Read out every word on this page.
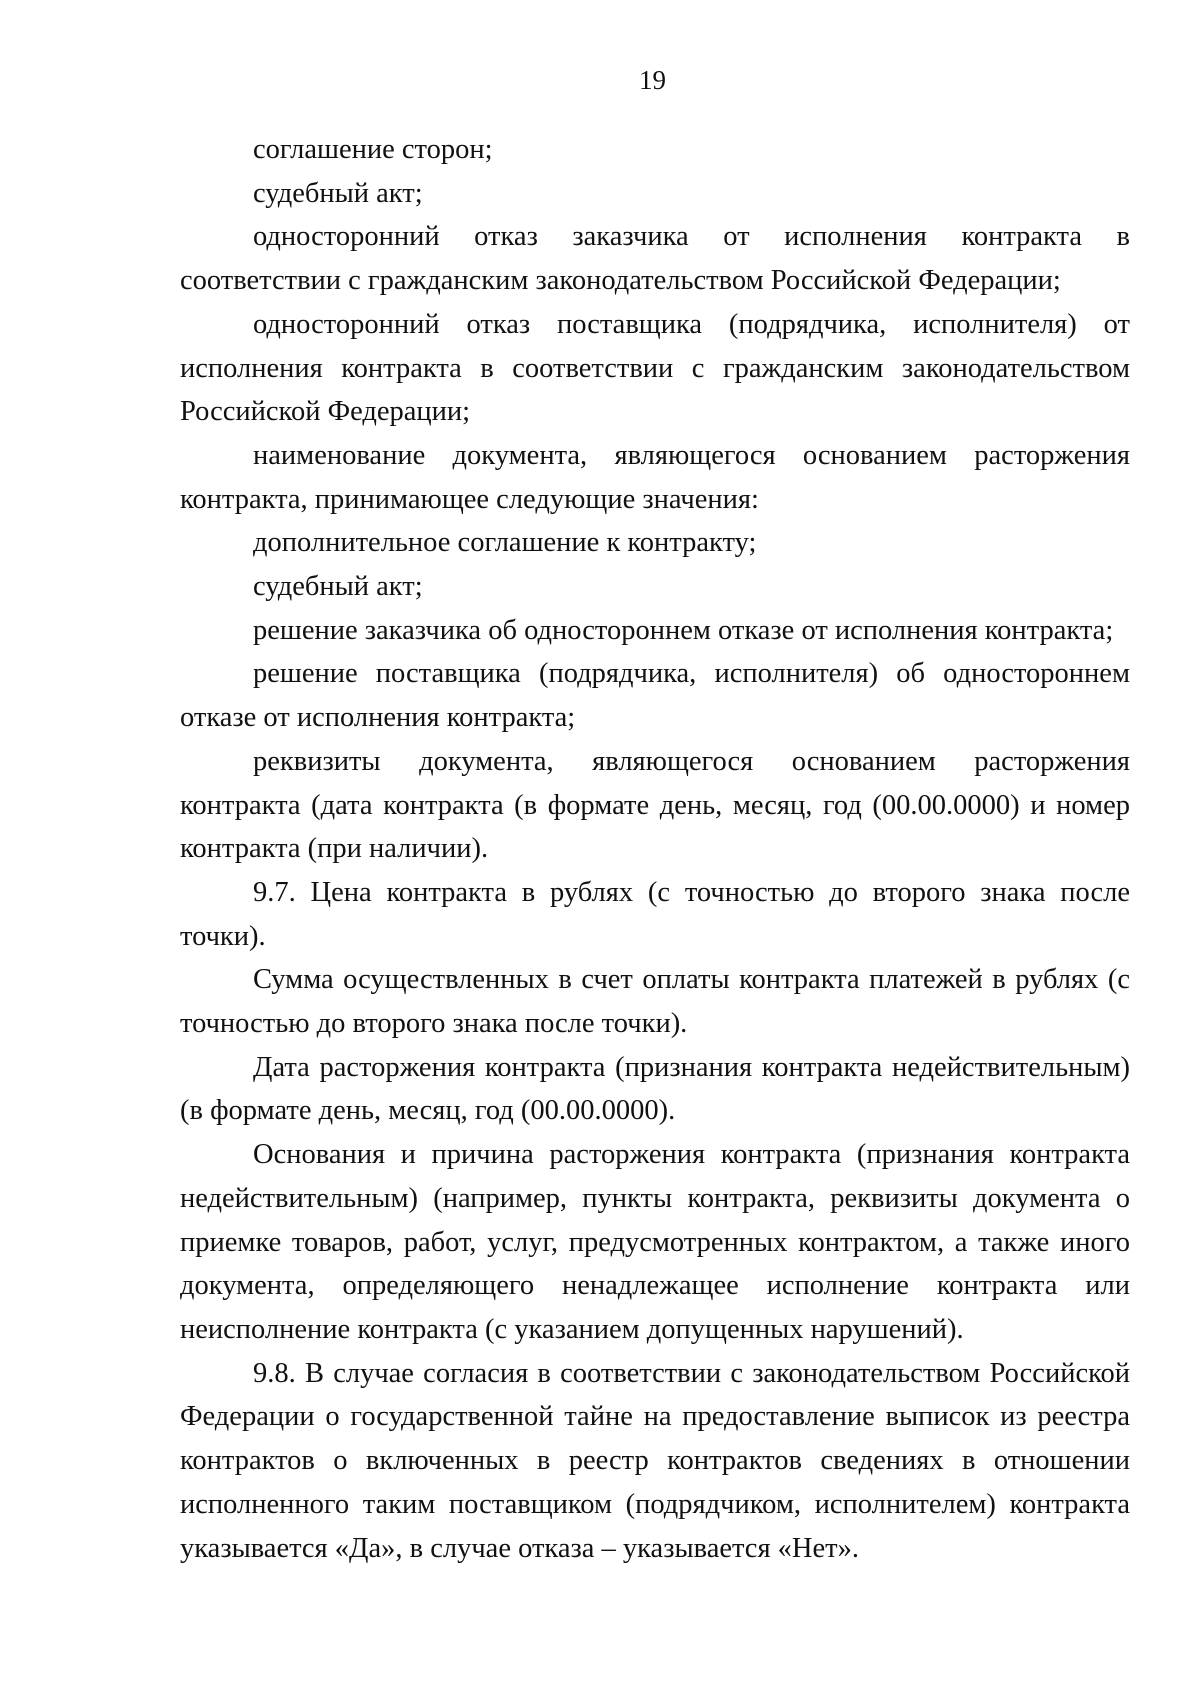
19

соглашение сторон;

судебный акт;

односторонний отказ заказчика от исполнения контракта в соответствии с гражданским законодательством Российской Федерации;

односторонний отказ поставщика (подрядчика, исполнителя) от исполнения контракта в соответствии с гражданским законодательством Российской Федерации;

наименование документа, являющегося основанием расторжения контракта, принимающее следующие значения:

дополнительное соглашение к контракту;

судебный акт;

решение заказчика об одностороннем отказе от исполнения контракта;

решение поставщика (подрядчика, исполнителя) об одностороннем отказе от исполнения контракта;

реквизиты документа, являющегося основанием расторжения контракта (дата контракта (в формате день, месяц, год (00.00.0000) и номер контракта (при наличии).

9.7. Цена контракта в рублях (с точностью до второго знака после точки).

Сумма осуществленных в счет оплаты контракта платежей в рублях (с точностью до второго знака после точки).

Дата расторжения контракта (признания контракта недействительным) (в формате день, месяц, год (00.00.0000).

Основания и причина расторжения контракта (признания контракта недействительным) (например, пункты контракта, реквизиты документа о приемке товаров, работ, услуг, предусмотренных контрактом, а также иного документа, определяющего ненадлежащее исполнение контракта или неисполнение контракта (с указанием допущенных нарушений).

9.8. В случае согласия в соответствии с законодательством Российской Федерации о государственной тайне на предоставление выписок из реестра контрактов о включенных в реестр контрактов сведениях в отношении исполненного таким поставщиком (подрядчиком, исполнителем) контракта указывается «Да», в случае отказа – указывается «Нет».
